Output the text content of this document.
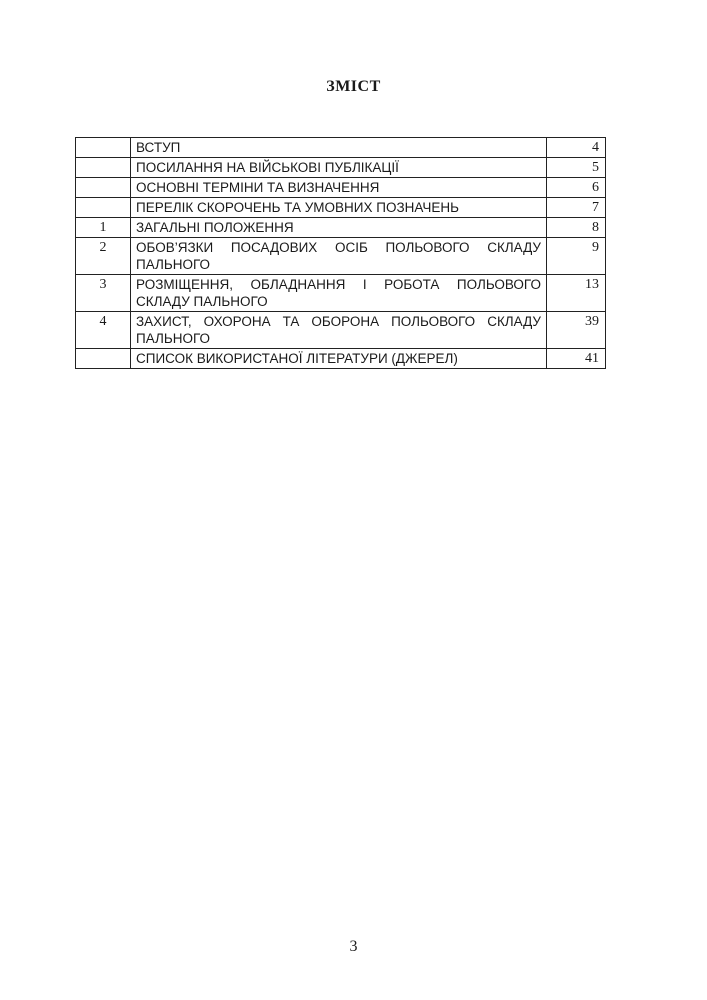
ЗМІСТ
	ВСТУП	4
	ПОСИЛАННЯ НА ВІЙСЬКОВІ ПУБЛІКАЦІЇ	5
	ОСНОВНІ ТЕРМІНИ ТА ВИЗНАЧЕННЯ	6
	ПЕРЕЛІК СКОРОЧЕНЬ ТА УМОВНИХ ПОЗНАЧЕНЬ	7
1	ЗАГАЛЬНІ ПОЛОЖЕННЯ	8
2	ОБОВ’ЯЗКИ ПОСАДОВИХ ОСІБ ПОЛЬОВОГО СКЛАДУ ПАЛЬНОГО	9
3	РОЗМІЩЕННЯ, ОБЛАДНАННЯ І РОБОТА ПОЛЬОВОГО СКЛАДУ ПАЛЬНОГО	13
4	ЗАХИСТ, ОХОРОНА ТА ОБОРОНА ПОЛЬОВОГО СКЛАДУ ПАЛЬНОГО	39
	СПИСОК ВИКОРИСТАНОЇ ЛІТЕРАТУРИ (ДЖЕРЕЛ)	41
3
